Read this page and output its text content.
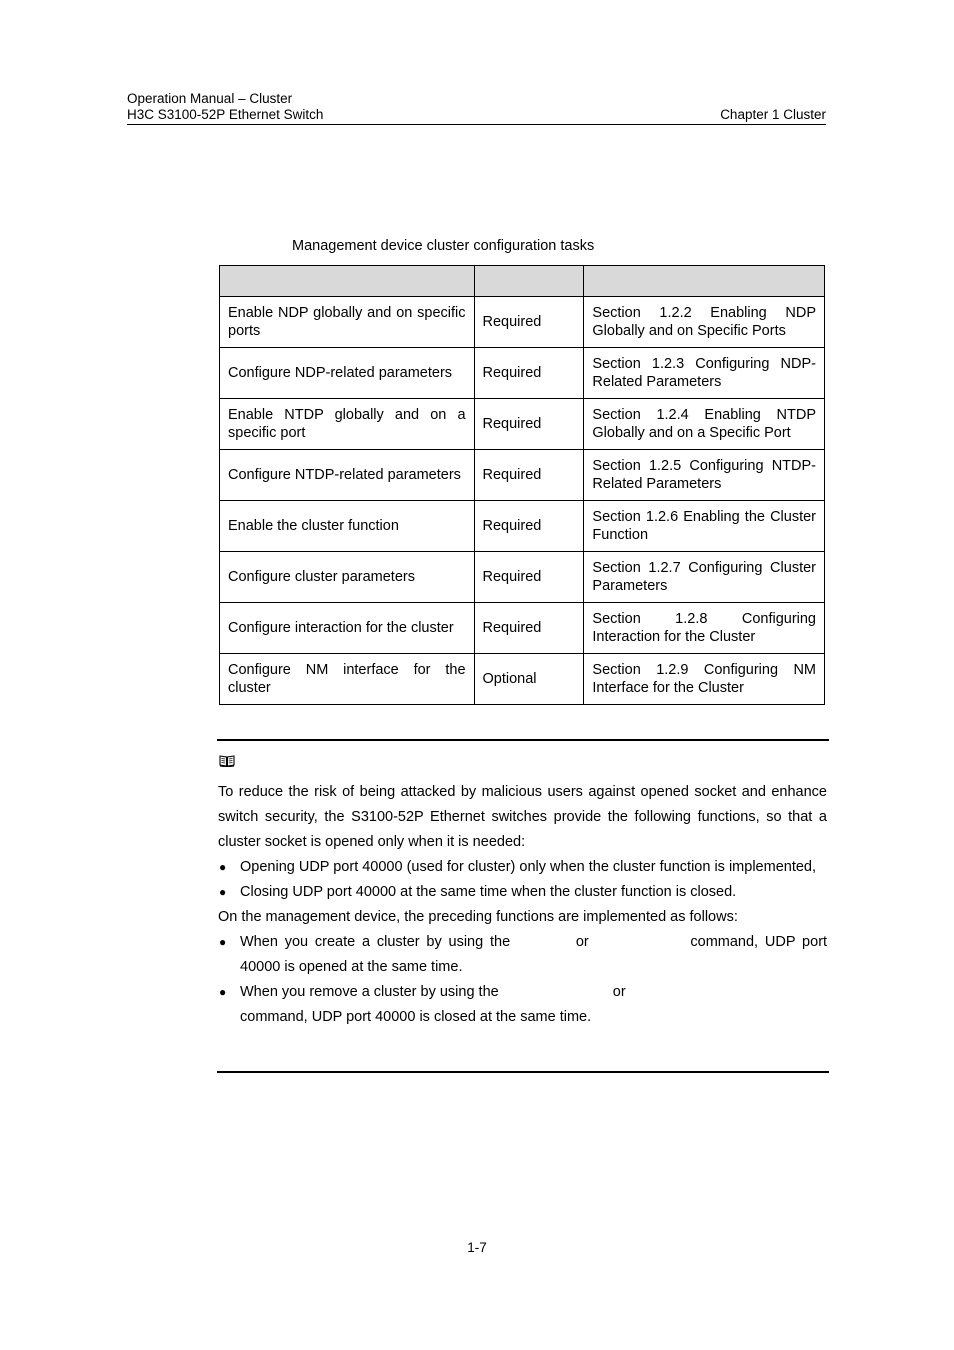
Operation Manual – Cluster
H3C S3100-52P Ethernet Switch	Chapter 1 Cluster
Management device cluster configuration tasks

Enable NDP globally and on specific ports	Required	Section 1.2.2 Enabling NDP Globally and on Specific Ports
Configure NDP-related parameters	Required	Section 1.2.3 Configuring NDP-Related Parameters
Enable NTDP globally and on a specific port	Required	Section 1.2.4 Enabling NTDP Globally and on a Specific Port
Configure NTDP-related parameters	Required	Section 1.2.5 Configuring NTDP-Related Parameters
Enable the cluster function	Required	Section 1.2.6 Enabling the Cluster Function
Configure cluster parameters	Required	Section 1.2.7 Configuring Cluster Parameters
Configure interaction for the cluster	Required	Section 1.2.8 Configuring Interaction for the Cluster
Configure NM interface for the cluster	Optional	Section 1.2.9 Configuring NM Interface for the Cluster

To reduce the risk of being attacked by malicious users against opened socket and enhance switch security, the S3100-52P Ethernet switches provide the following functions, so that a cluster socket is opened only when it is needed:

● Opening UDP port 40000 (used for cluster) only when the cluster function is implemented,
● Closing UDP port 40000 at the same time when the cluster function is closed.

On the management device, the preceding functions are implemented as follows:

● When you create a cluster by using the	or	command, UDP port
40000 is opened at the same time.
● When you remove a cluster by using the	or
command, UDP port 40000 is closed at the same time.
1-7
